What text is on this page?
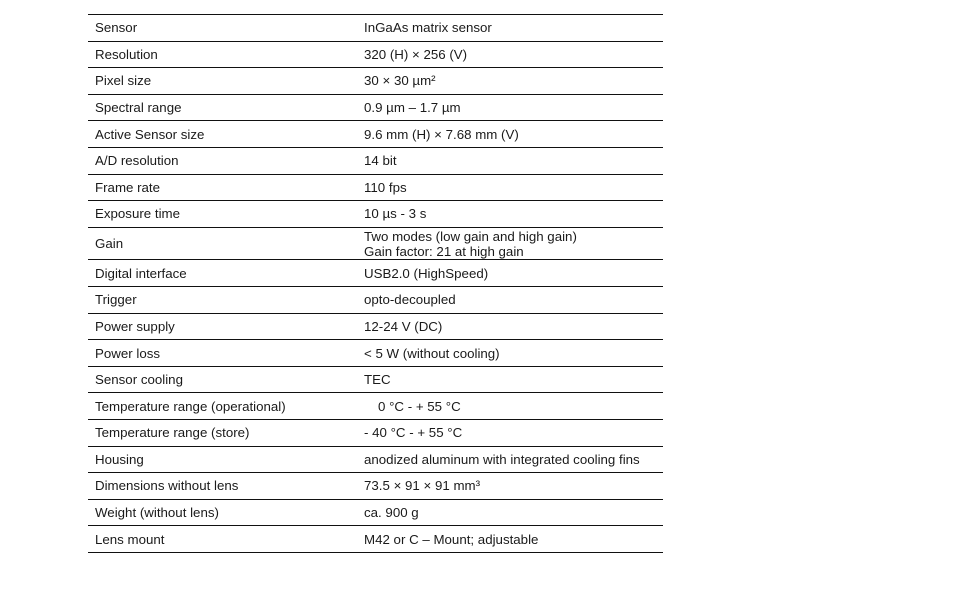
Sensor	InGaAs matrix sensor
Resolution	320 (H) × 256 (V)
Pixel size	30 × 30 µm²
Spectral range	0.9 µm – 1.7 µm
Active Sensor size	9.6 mm (H) × 7.68 mm (V)
A/D resolution	14 bit
Frame rate	110 fps
Exposure time	10 µs - 3 s
Gain	Two modes (low gain and high gain)
Gain factor: 21 at high gain
Digital interface	USB2.0 (HighSpeed)
Trigger	opto-decoupled
Power supply	12-24 V (DC)
Power loss	< 5 W (without cooling)
Sensor cooling	TEC
Temperature range (operational)	0 °C - + 55 °C
Temperature range (store)	- 40 °C - + 55 °C
Housing	anodized aluminum with integrated cooling fins
Dimensions without lens	73.5 × 91 × 91 mm³
Weight (without lens)	ca. 900 g
Lens mount	M42 or C – Mount; adjustable
